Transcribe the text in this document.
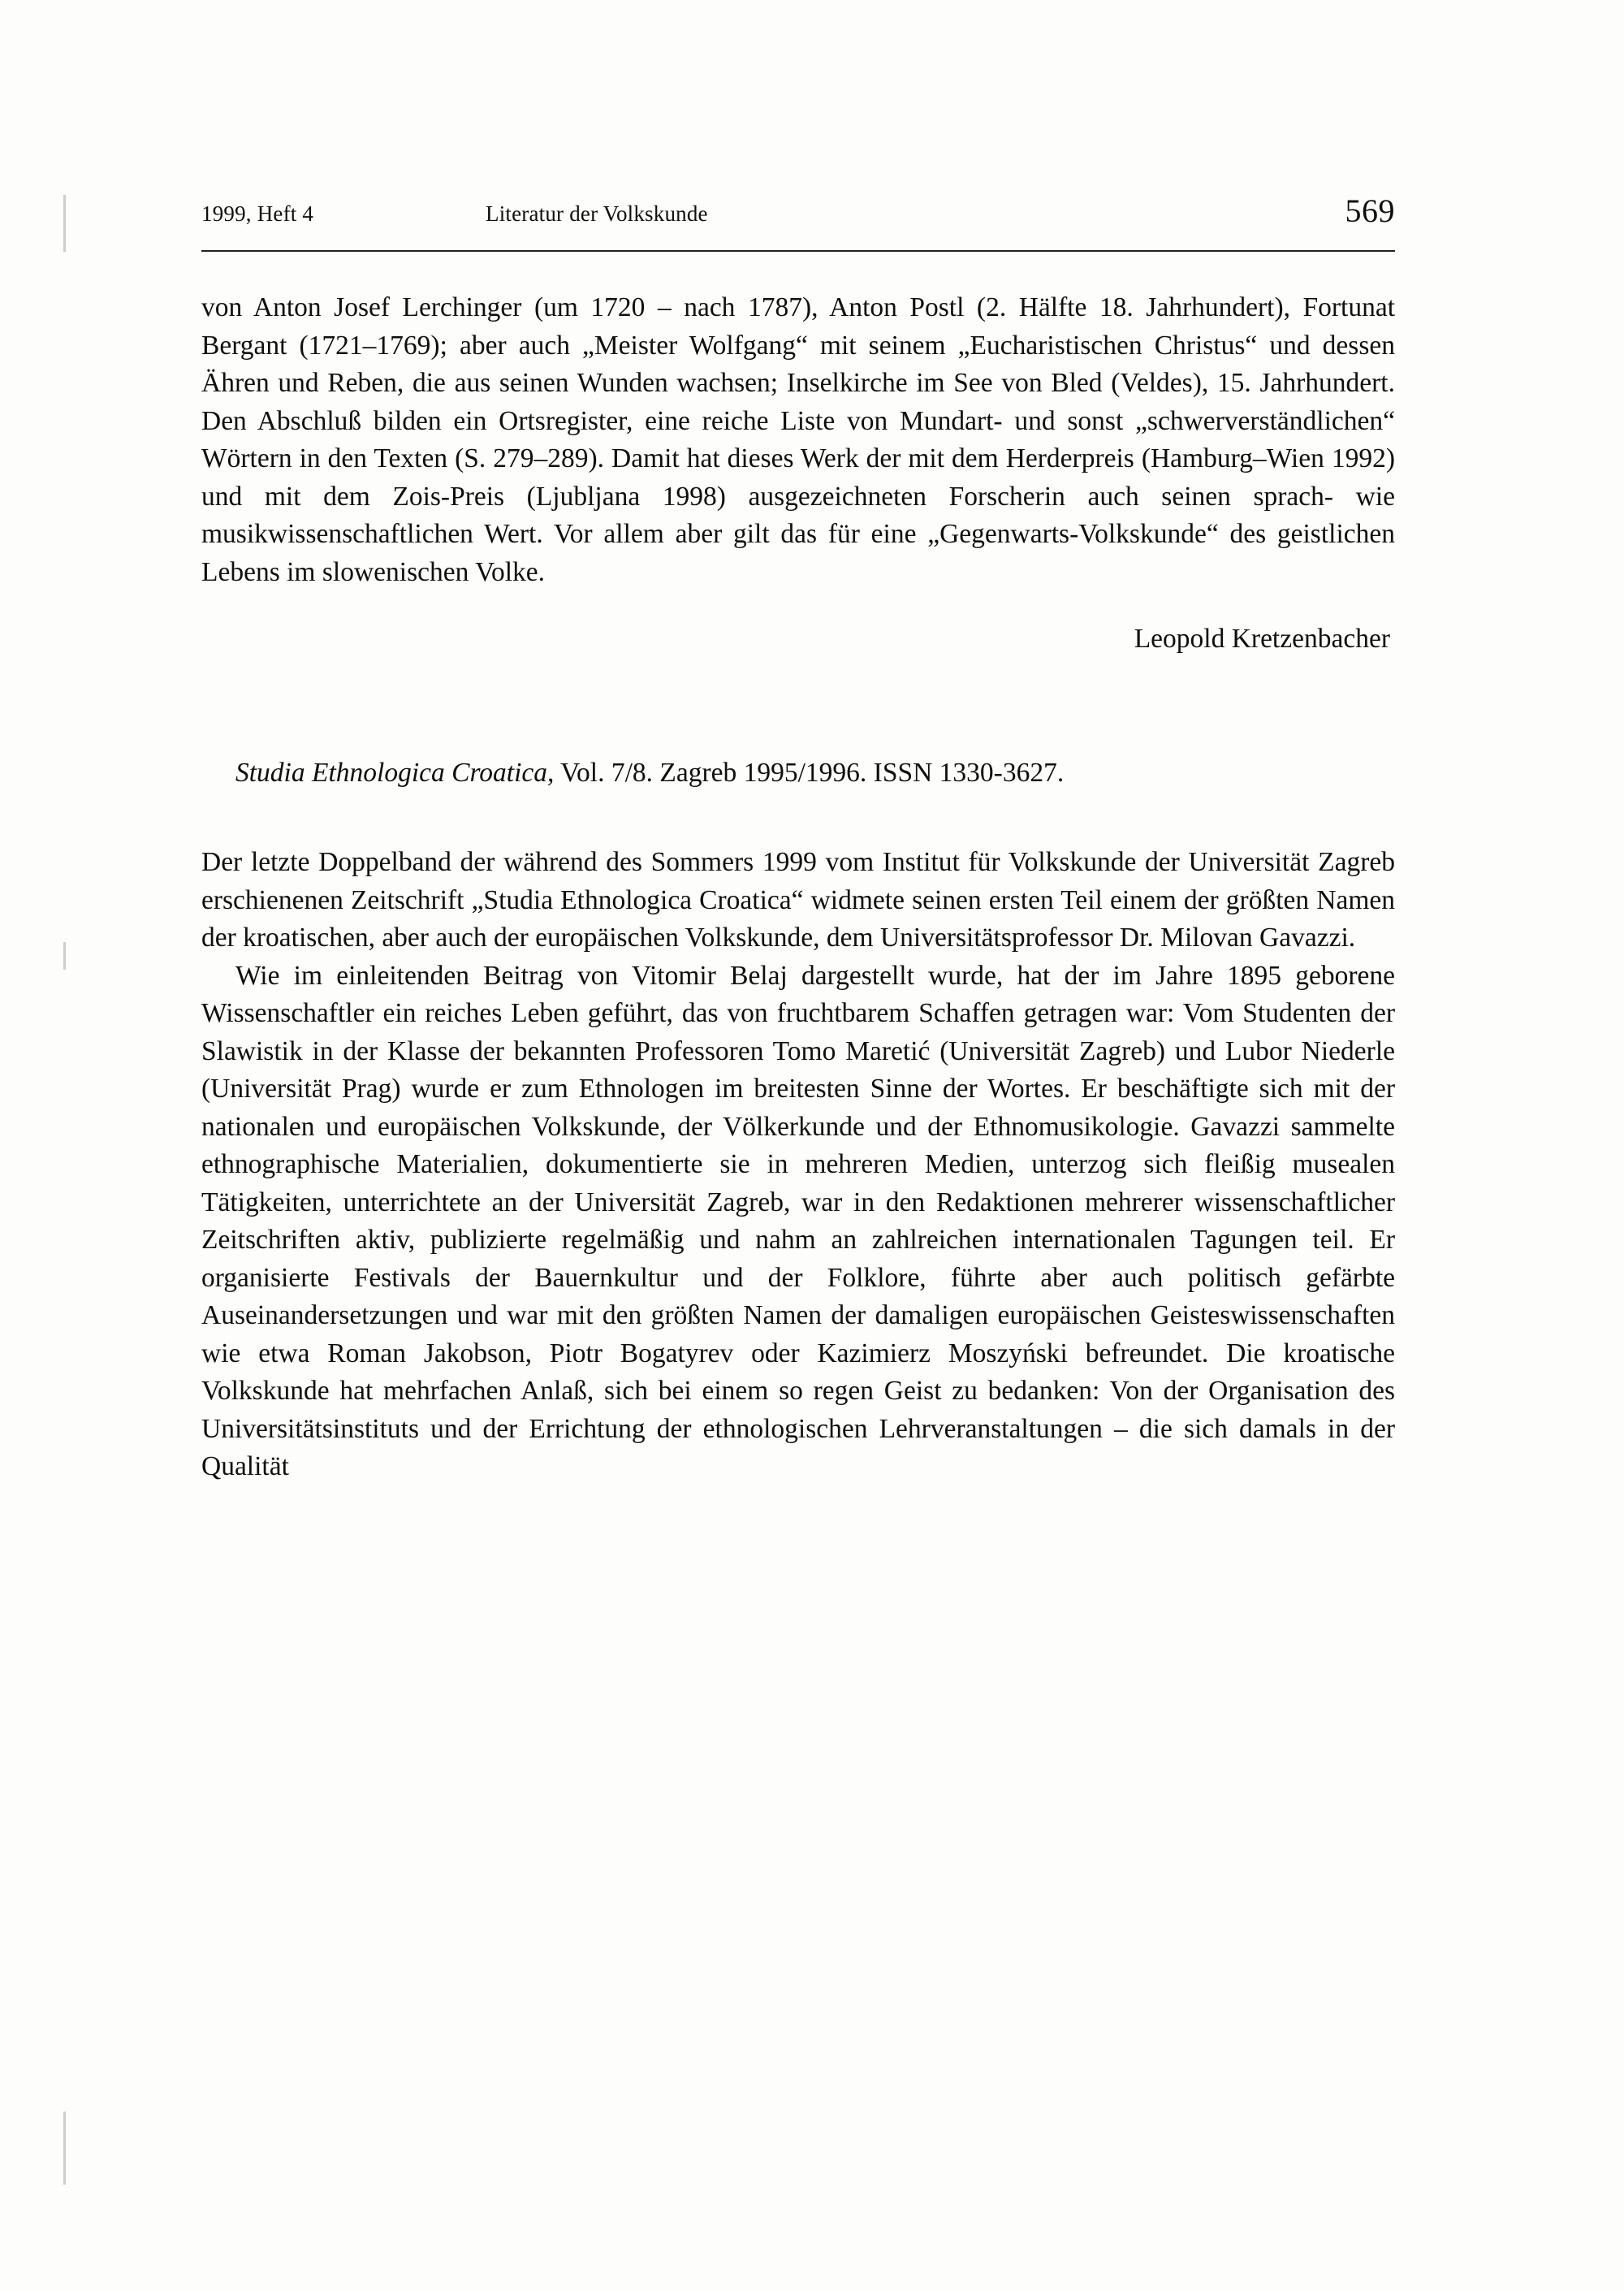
1999, Heft 4	Literatur der Volkskunde	569

von Anton Josef Lerchinger (um 1720 – nach 1787), Anton Postl (2. Hälfte 18. Jahrhundert), Fortunat Bergant (1721–1769); aber auch „Meister Wolfgang“ mit seinem „Eucharistischen Christus“ und dessen Ähren und Reben, die aus seinen Wunden wachsen; Inselkirche im See von Bled (Veldes), 15. Jahrhundert. Den Abschluß bilden ein Ortsregister, eine reiche Liste von Mundart- und sonst „schwerverständlichen“ Wörtern in den Texten (S. 279–289). Damit hat dieses Werk der mit dem Herderpreis (Hamburg–Wien 1992) und mit dem Zois-Preis (Ljubljana 1998) ausgezeichneten Forscherin auch seinen sprach- wie musikwissenschaftlichen Wert. Vor allem aber gilt das für eine „Gegenwarts-Volkskunde“ des geistlichen Lebens im slowenischen Volke.

Leopold Kretzenbacher
Studia Ethnologica Croatica, Vol. 7/8. Zagreb 1995/1996. ISSN 1330-3627.

Der letzte Doppelband der während des Sommers 1999 vom Institut für Volkskunde der Universität Zagreb erschienenen Zeitschrift „Studia Ethnologica Croatica“ widmete seinen ersten Teil einem der größten Namen der kroatischen, aber auch der europäischen Volkskunde, dem Universitätsprofessor Dr. Milovan Gavazzi.

Wie im einleitenden Beitrag von Vitomir Belaj dargestellt wurde, hat der im Jahre 1895 geborene Wissenschaftler ein reiches Leben geführt, das von fruchtbarem Schaffen getragen war: Vom Studenten der Slawistik in der Klasse der bekannten Professoren Tomo Maretić (Universität Zagreb) und Lubor Niederle (Universität Prag) wurde er zum Ethnologen im breitesten Sinne der Wortes. Er beschäftigte sich mit der nationalen und europäischen Volkskunde, der Völkerkunde und der Ethnomusikologie. Gavazzi sammelte ethnographische Materialien, dokumentierte sie in mehreren Medien, unterzog sich fleißig musealen Tätigkeiten, unterrichtete an der Universität Zagreb, war in den Redaktionen mehrerer wissenschaftlicher Zeitschriften aktiv, publizierte regelmäßig und nahm an zahlreichen internationalen Tagungen teil. Er organisierte Festivals der Bauernkultur und der Folklore, führte aber auch politisch gefärbte Auseinandersetzungen und war mit den größten Namen der damaligen europäischen Geisteswissenschaften wie etwa Roman Jakobson, Piotr Bogatyrev oder Kazimierz Moszyński befreundet. Die kroatische Volkskunde hat mehrfachen Anlaß, sich bei einem so regen Geist zu bedanken: Von der Organisation des Universitätsinstituts und der Errichtung der ethnologischen Lehrveranstaltungen – die sich damals in der Qualität
